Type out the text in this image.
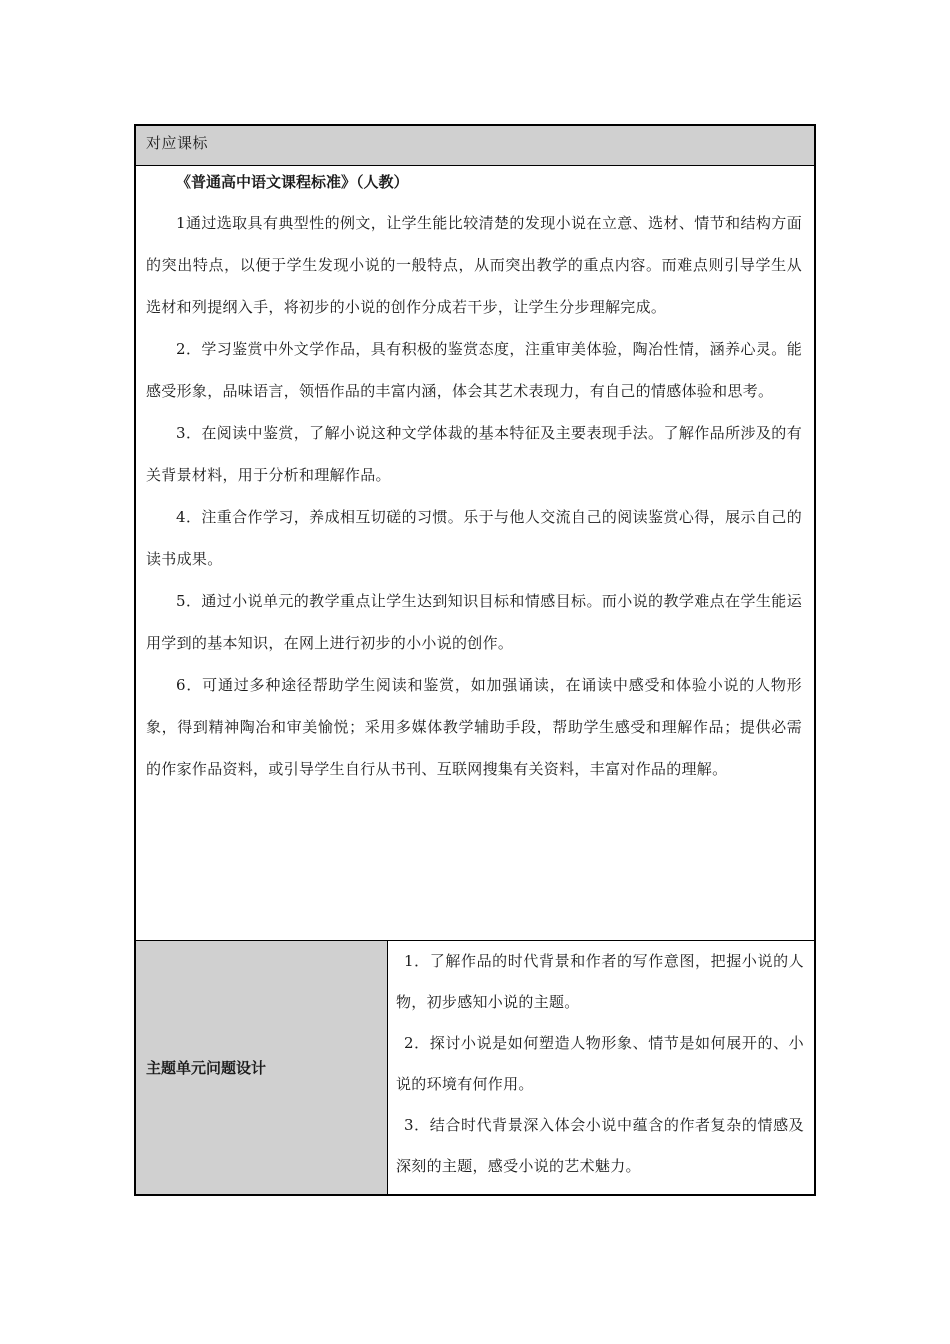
对应课标

《普通高中语文课程标准》（人教）

1通过选取具有典型性的例文，让学生能比较清楚的发现小说在立意、选材、情节和结构方面的突出特点，以便于学生发现小说的一般特点，从而突出教学的重点内容。而难点则引导学生从选材和列提纲入手，将初步的小说的创作分成若干步，让学生分步理解完成。

2．学习鉴赏中外文学作品，具有积极的鉴赏态度，注重审美体验，陶冶性情，涵养心灵。能感受形象，品味语言，领悟作品的丰富内涵，体会其艺术表现力，有自己的情感体验和思考。

3．在阅读中鉴赏，了解小说这种文学体裁的基本特征及主要表现手法。了解作品所涉及的有关背景材料，用于分析和理解作品。

4．注重合作学习，养成相互切磋的习惯。乐于与他人交流自己的阅读鉴赏心得，展示自己的读书成果。

5．通过小说单元的教学重点让学生达到知识目标和情感目标。而小说的教学难点在学生能运用学到的基本知识，在网上进行初步的小小说的创作。

6．可通过多种途径帮助学生阅读和鉴赏，如加强诵读，在诵读中感受和体验小说的人物形象，得到精神陶冶和审美愉悦；采用多媒体教学辅助手段，帮助学生感受和理解作品；提供必需的作家作品资料，或引导学生自行从书刊、互联网搜集有关资料，丰富对作品的理解。

主题单元问题设计

1．了解作品的时代背景和作者的写作意图，把握小说的人物，初步感知小说的主题。

2．探讨小说是如何塑造人物形象、情节是如何展开的、小说的环境有何作用。

3．结合时代背景深入体会小说中蕴含的作者复杂的情感及深刻的主题，感受小说的艺术魅力。
